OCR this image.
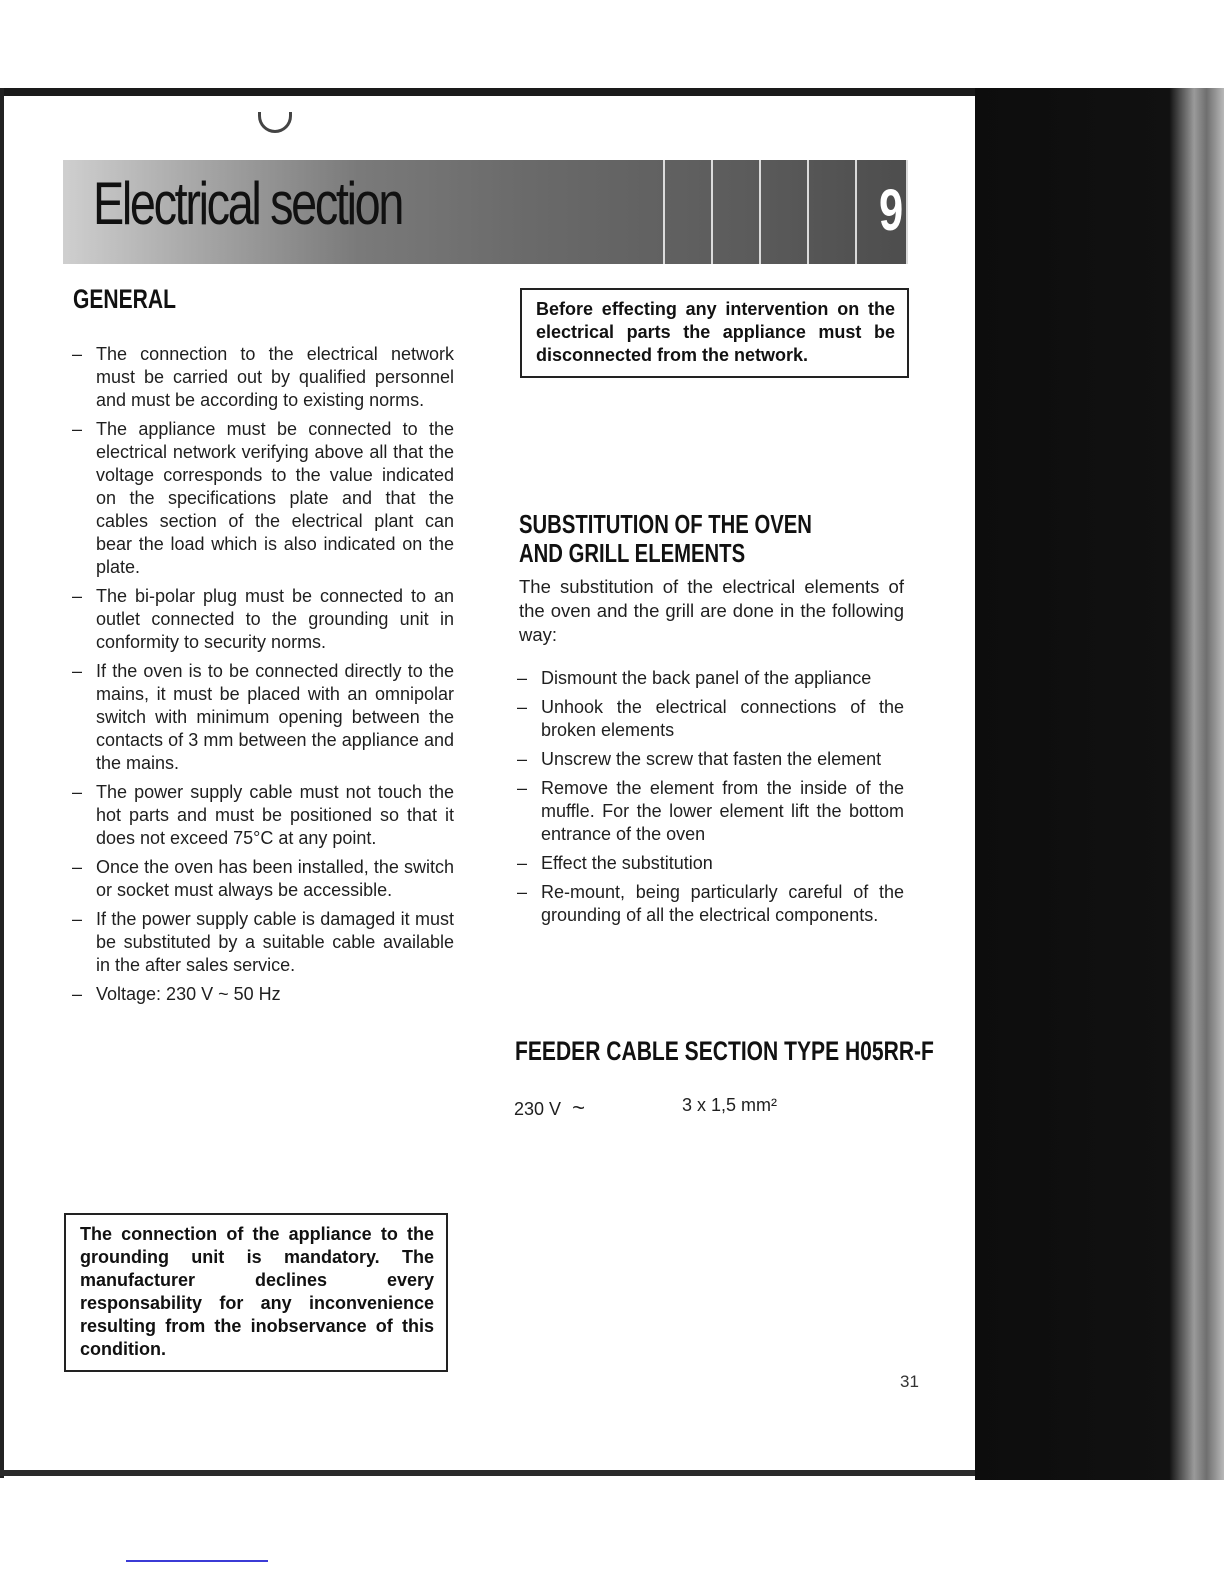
Electrical section	9
GENERAL
– The connection to the electrical network must be carried out by qualified personnel and must be according to existing norms.
– The appliance must be connected to the electrical network verifying above all that the voltage corresponds to the value indicated on the specifications plate and that the cables section of the electrical plant can bear the load which is also indicated on the plate.
– The bi-polar plug must be connected to an outlet connected to the grounding unit in conformity to security norms.
– If the oven is to be connected directly to the mains, it must be placed with an omnipolar switch with minimum opening between the contacts of 3 mm between the appliance and the mains.
– The power supply cable must not touch the hot parts and must be positioned so that it does not exceed 75°C at any point.
– Once the oven has been installed, the switch or socket must always be accessible.
– If the power supply cable is damaged it must be substituted by a suitable cable available in the after sales service.
– Voltage: 230 V ~ 50 Hz
The connection of the appliance to the grounding unit is mandatory. The manufacturer declines every responsability for any inconvenience resulting from the inobservance of this condition.
Before effecting any intervention on the electrical parts the appliance must be disconnected from the network.
SUBSTITUTION OF THE OVEN
AND GRILL ELEMENTS
The substitution of the electrical elements of the oven and the grill are done in the following way:
– Dismount the back panel of the appliance
– Unhook the electrical connections of the broken elements
– Unscrew the screw that fasten the element
– Remove the element from the inside of the muffle. For the lower element lift the bottom entrance of the oven
– Effect the substitution
– Re-mount, being particularly careful of the grounding of all the electrical components.
FEEDER CABLE SECTION TYPE H05RR-F
230 V ~	3 x 1,5 mm²
31
